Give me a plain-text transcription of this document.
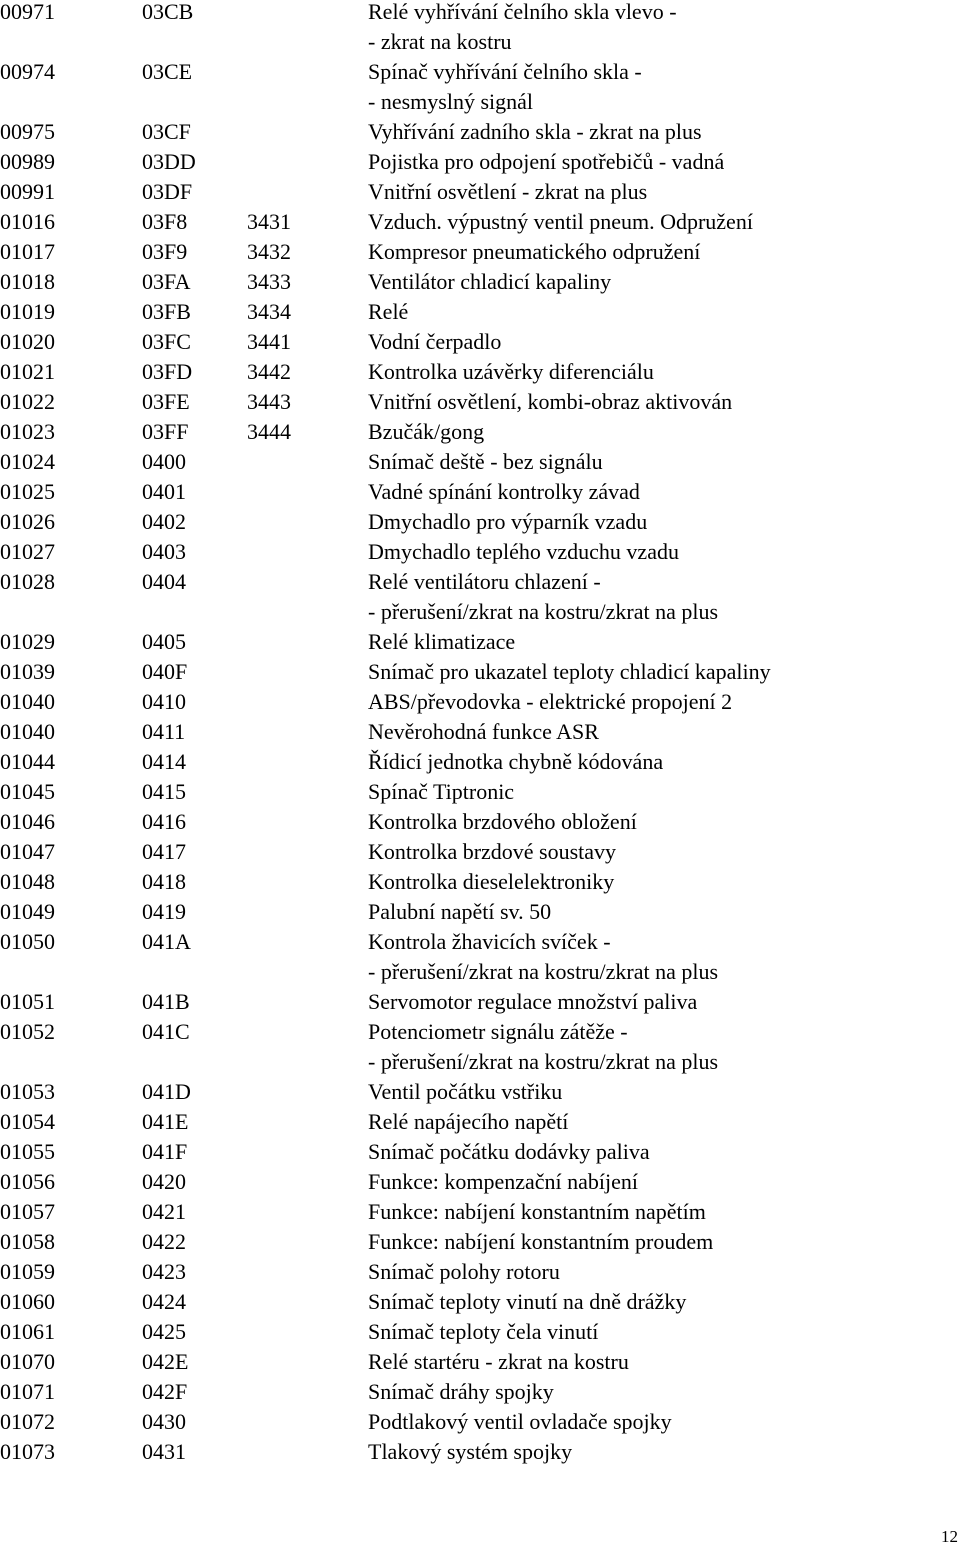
00971	03CB	Relé vyhřívání čelního skla vlevo -
- zkrat na kostru
00974	03CE	Spínač vyhřívání čelního skla -
- nesmyslný signál
00975	03CF	Vyhřívání zadního skla - zkrat na plus
00989	03DD	Pojistka pro odpojení spotřebičů - vadná
00991	03DF	Vnitřní osvětlení - zkrat na plus
01016	03F8	3431	Vzduch. výpustný ventil pneum. Odpružení
01017	03F9	3432	Kompresor pneumatického odpružení
01018	03FA	3433	Ventilátor chladicí kapaliny
01019	03FB	3434	Relé
01020	03FC	3441	Vodní čerpadlo
01021	03FD 3442	Kontrolka uzávěrky diferenciálu
01022	03FE	3443	Vnitřní osvětlení, kombi-obraz aktivován
01023	03FF	3444	Bzučák/gong
01024	0400	Snímač deště - bez signálu
01025	0401	Vadné spínání kontrolky závad
01026	0402	Dmychadlo pro výparník vzadu
01027	0403	Dmychadlo teplého vzduchu vzadu
01028	0404	Relé ventilátoru chlazení -
- přerušení/zkrat na kostru/zkrat na plus
01029	0405	Relé klimatizace
01039	040F	Snímač pro ukazatel teploty chladicí kapaliny
01040	0410	ABS/převodovka - elektrické propojení 2
01040	0411	Nevěrohodná funkce ASR
01044	0414	Řídicí jednotka chybně kódována
01045	0415	Spínač Tiptronic
01046	0416	Kontrolka brzdového obložení
01047	0417	Kontrolka brzdové soustavy
01048	0418	Kontrolka dieselelektroniky
01049	0419	Palubní napětí sv. 50
01050	041A	Kontrola žhavicích svíček -
- přerušení/zkrat na kostru/zkrat na plus
01051	041B	Servomotor regulace množství paliva
01052	041C	Potenciometr signálu zátěže -
- přerušení/zkrat na kostru/zkrat na plus
01053	041D	Ventil počátku vstřiku
01054	041E	Relé napájecího napětí
01055	041F	Snímač počátku dodávky paliva
01056	0420	Funkce: kompenzační nabíjení
01057	0421	Funkce: nabíjení konstantním napětím
01058	0422	Funkce: nabíjení konstantním proudem
01059	0423	Snímač polohy rotoru
01060	0424	Snímač teploty vinutí na dně drážky
01061	0425	Snímač teploty čela vinutí
01070	042E	Relé startéru - zkrat na kostru
01071	042F	Snímač dráhy spojky
01072	0430	Podtlakový ventil ovladače spojky
01073	0431	Tlakový systém spojky
12
